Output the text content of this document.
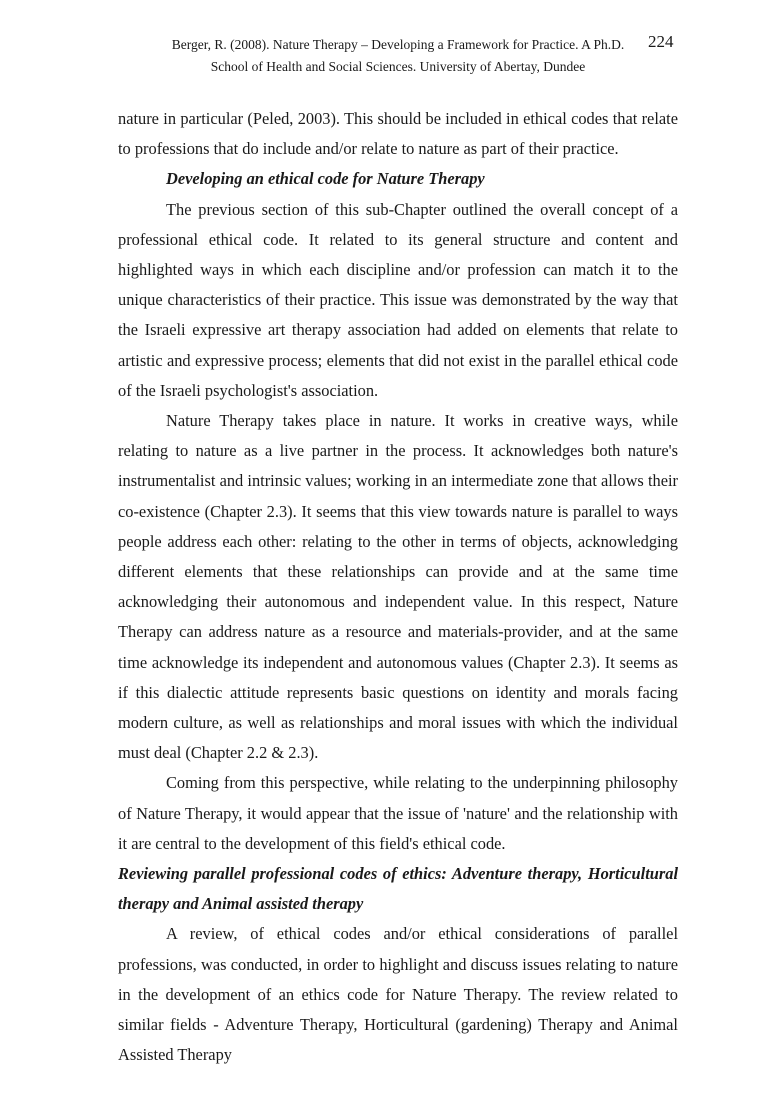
Berger, R. (2008). Nature Therapy – Developing a Framework for Practice. A Ph.D.
School of Health and Social Sciences. University of Abertay, Dundee
224

nature in particular (Peled, 2003). This should be included in ethical codes that relate to professions that do include and/or relate to nature as part of their practice.

Developing an ethical code for Nature Therapy

The previous section of this sub-Chapter outlined the overall concept of a professional ethical code. It related to its general structure and content and highlighted ways in which each discipline and/or profession can match it to the unique characteristics of their practice. This issue was demonstrated by the way that the Israeli expressive art therapy association had added on elements that relate to artistic and expressive process; elements that did not exist in the parallel ethical code of the Israeli psychologist's association.

Nature Therapy takes place in nature. It works in creative ways, while relating to nature as a live partner in the process. It acknowledges both nature's instrumentalist and intrinsic values; working in an intermediate zone that allows their co-existence (Chapter 2.3). It seems that this view towards nature is parallel to ways people address each other: relating to the other in terms of objects, acknowledging different elements that these relationships can provide and at the same time acknowledging their autonomous and independent value. In this respect, Nature Therapy can address nature as a resource and materials-provider, and at the same time acknowledge its independent and autonomous values (Chapter 2.3). It seems as if this dialectic attitude represents basic questions on identity and morals facing modern culture, as well as relationships and moral issues with which the individual must deal (Chapter 2.2 & 2.3).

Coming from this perspective, while relating to the underpinning philosophy of Nature Therapy, it would appear that the issue of 'nature' and the relationship with it are central to the development of this field's ethical code.

Reviewing parallel professional codes of ethics: Adventure therapy, Horticultural therapy and Animal assisted therapy

A review, of ethical codes and/or ethical considerations of parallel professions, was conducted, in order to highlight and discuss issues relating to nature in the development of an ethics code for Nature Therapy. The review related to similar fields - Adventure Therapy, Horticultural (gardening) Therapy and Animal Assisted Therapy
